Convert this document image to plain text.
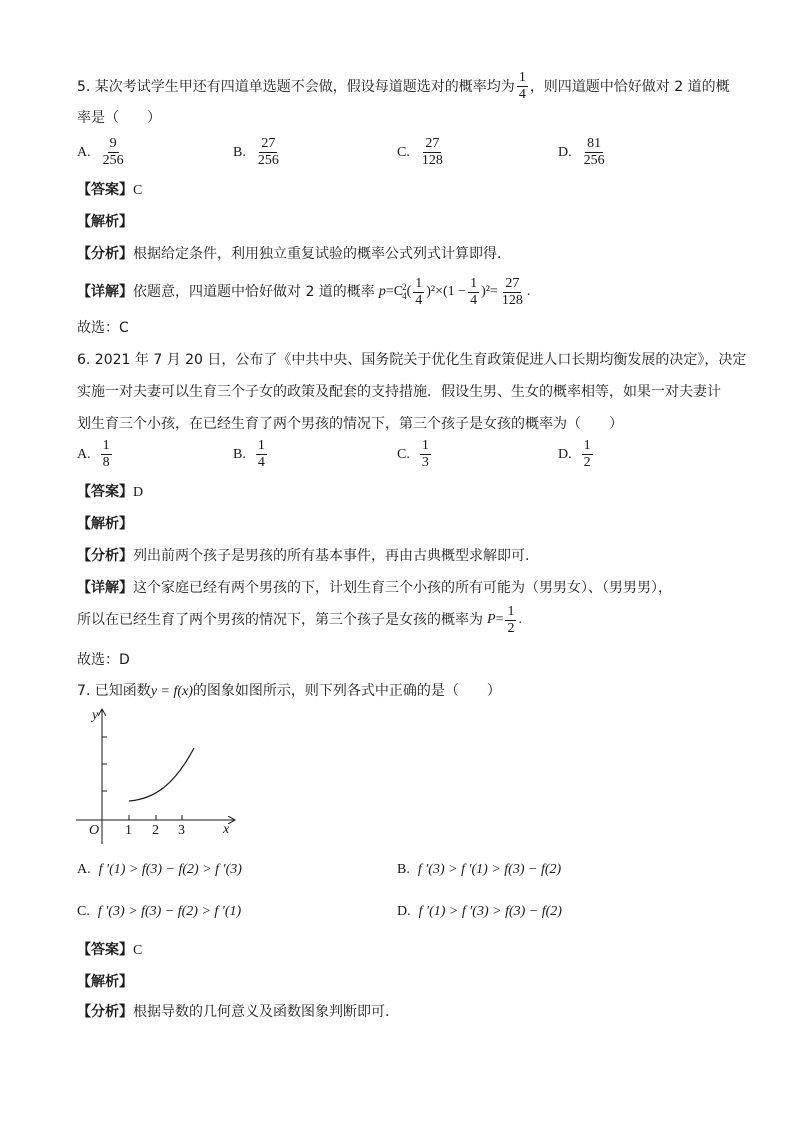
5. 某次考试学生甲还有四道单选题不会做，假设每道题选对的概率均为 $\frac{1}{4}$ ，则四道题中恰好做对 2 道的概
率是（　　）
A. $\frac{9}{256}$	B. $\frac{27}{256}$	C. $\frac{27}{128}$	D. $\frac{81}{256}$
【答案】C
【解析】
【分析】根据给定条件，利用独立重复试验的概率公式列式计算即得.
【详解】 依题意，四道题中恰好做对 2 道的概率 p = C 2
4 ( $\frac{1}{4} )^2 \times (1 - \frac{1}{4} )^2 = \frac{27}{128}$ .
故选：C
6. 2021 年 7 月 20 日，公布了《中共中央、国务院关于优化生育政策促进人口长期均衡发展的决定》，决定
实施一对夫妻可以生育三个子女的政策及配套的支持措施．假设生男、生女的概率相等，如果一对夫妻计
划生育三个小孩，在已经生育了两个男孩的情况下，第三个孩子是女孩的概率为（　　）
A. $\frac{1}{8}$	B. $\frac{1}{4}$	C. $\frac{1}{3}$	D. $\frac{1}{2}$
【答案】D
【解析】
【分析】列出前两个孩子是男孩的所有基本事件，再由古典概型求解即可.
【详解】这个家庭已经有两个男孩的下，计划生育三个小孩的所有可能为（男男女）、（男男男），
所以在已经生育了两个男孩的情况下，第三个孩子是女孩的概率为 $P = \frac{1}{2}$ .
故选：D
7. 已知函数y = f(x)的图象如图所示，则下列各式中正确的是（　　）
y
x
O 1 2 3
A. f ′(1) > f(3) − f(2) > f ′(3)	B. f ′(3) > f ′(1) > f(3) − f(2)
C. f ′(3) > f(3) − f(2) > f ′(1)	D. f ′(1) > f ′(3) > f(3) − f(2)
【答案】C
【解析】
【分析】根据导数的几何意义及函数图象判断即可.
